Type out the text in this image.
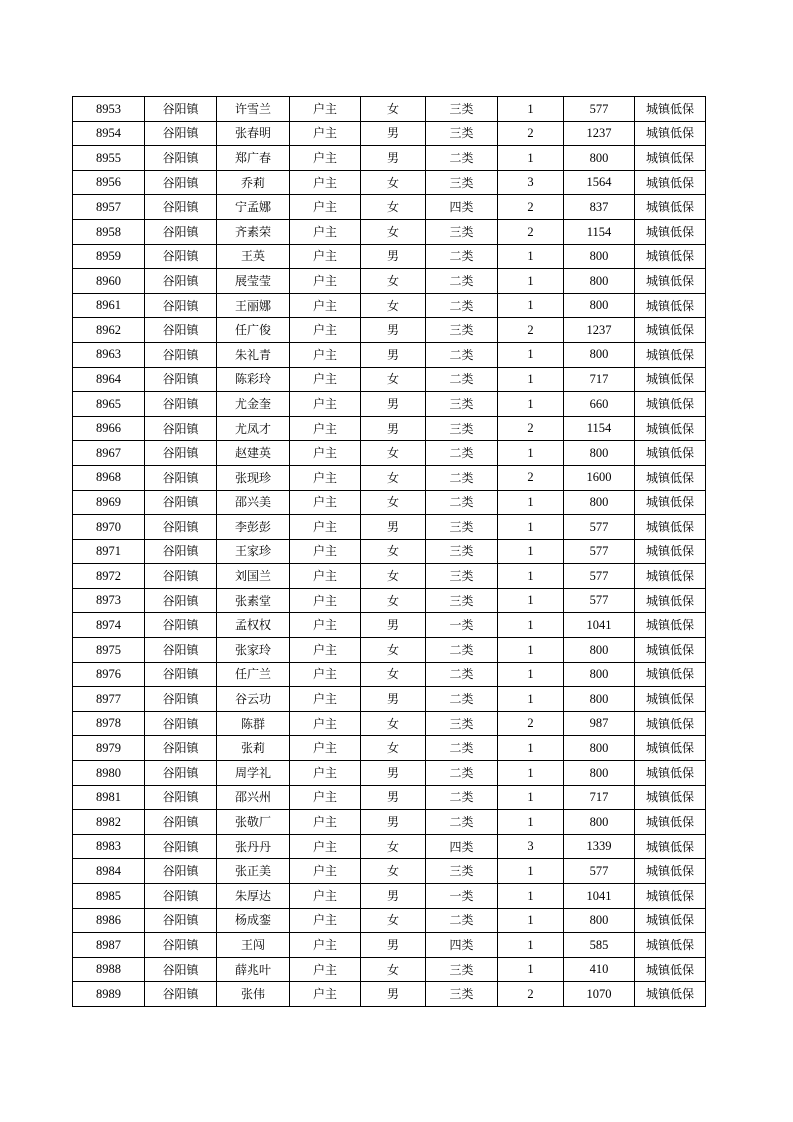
8953	谷阳镇	许雪兰	户主	女	三类	1	577	城镇低保
8954	谷阳镇	张春明	户主	男	三类	2	1237	城镇低保
8955	谷阳镇	郑广春	户主	男	二类	1	800	城镇低保
8956	谷阳镇	乔莉	户主	女	三类	3	1564	城镇低保
8957	谷阳镇	宁孟娜	户主	女	四类	2	837	城镇低保
8958	谷阳镇	齐素荣	户主	女	三类	2	1154	城镇低保
8959	谷阳镇	王英	户主	男	二类	1	800	城镇低保
8960	谷阳镇	展莹莹	户主	女	二类	1	800	城镇低保
8961	谷阳镇	王丽娜	户主	女	二类	1	800	城镇低保
8962	谷阳镇	任广俊	户主	男	三类	2	1237	城镇低保
8963	谷阳镇	朱礼青	户主	男	二类	1	800	城镇低保
8964	谷阳镇	陈彩玲	户主	女	二类	1	717	城镇低保
8965	谷阳镇	尤金奎	户主	男	三类	1	660	城镇低保
8966	谷阳镇	尤凤才	户主	男	三类	2	1154	城镇低保
8967	谷阳镇	赵建英	户主	女	二类	1	800	城镇低保
8968	谷阳镇	张现珍	户主	女	二类	2	1600	城镇低保
8969	谷阳镇	邵兴美	户主	女	二类	1	800	城镇低保
8970	谷阳镇	李彭彭	户主	男	三类	1	577	城镇低保
8971	谷阳镇	王家珍	户主	女	三类	1	577	城镇低保
8972	谷阳镇	刘国兰	户主	女	三类	1	577	城镇低保
8973	谷阳镇	张素堂	户主	女	三类	1	577	城镇低保
8974	谷阳镇	孟权权	户主	男	一类	1	1041	城镇低保
8975	谷阳镇	张家玲	户主	女	二类	1	800	城镇低保
8976	谷阳镇	任广兰	户主	女	二类	1	800	城镇低保
8977	谷阳镇	谷云功	户主	男	二类	1	800	城镇低保
8978	谷阳镇	陈群	户主	女	三类	2	987	城镇低保
8979	谷阳镇	张莉	户主	女	二类	1	800	城镇低保
8980	谷阳镇	周学礼	户主	男	二类	1	800	城镇低保
8981	谷阳镇	邵兴州	户主	男	二类	1	717	城镇低保
8982	谷阳镇	张敬厂	户主	男	二类	1	800	城镇低保
8983	谷阳镇	张丹丹	户主	女	四类	3	1339	城镇低保
8984	谷阳镇	张正美	户主	女	三类	1	577	城镇低保
8985	谷阳镇	朱厚达	户主	男	一类	1	1041	城镇低保
8986	谷阳镇	杨成銮	户主	女	二类	1	800	城镇低保
8987	谷阳镇	王闯	户主	男	四类	1	585	城镇低保
8988	谷阳镇	薛兆叶	户主	女	三类	1	410	城镇低保
8989	谷阳镇	张伟	户主	男	三类	2	1070	城镇低保
